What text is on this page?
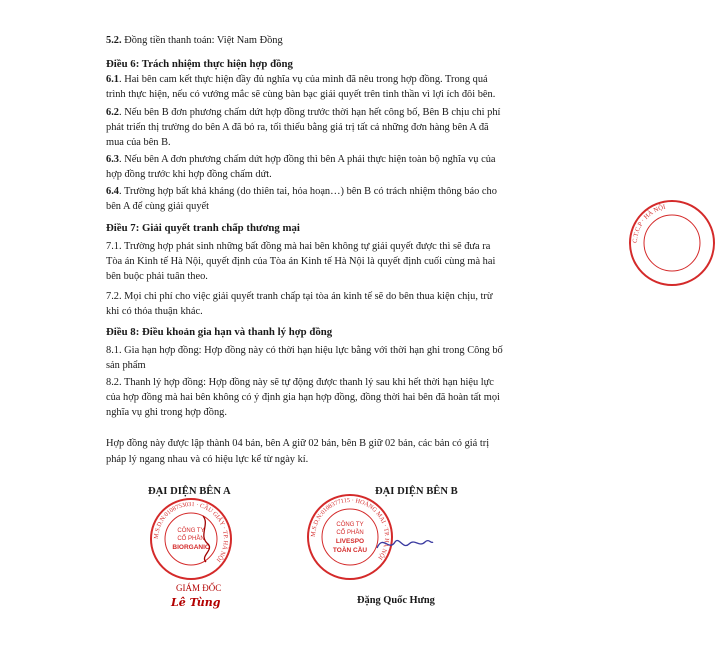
5.2. Đồng tiền thanh toán: Việt Nam Đồng
Điều 6: Trách nhiệm thực hiện hợp đồng
6.1. Hai bên cam kết thực hiện đầy đủ nghĩa vụ của mình đã nêu trong hợp đồng. Trong quá
trình thực hiện, nếu có vướng mắc sẽ cùng bàn bạc giải quyết trên tinh thần vì lợi ích đôi bên.
6.2. Nếu bên B đơn phương chấm dứt hợp đồng trước thời hạn hết công bố, Bên B chịu chi phí
phát triển thị trường do bên A đã bỏ ra, tối thiểu bằng giá trị tất cả những đơn hàng bên A đã
mua của bên B.
6.3. Nếu bên A đơn phương chấm dứt hợp đồng thì bên A phải thực hiện toàn bộ nghĩa vụ của
hợp đồng trước khi hợp đồng chấm dứt.
6.4. Trường hợp bất khả kháng (do thiên tai, hỏa hoạn…) bên B có trách nhiệm thông báo cho
bên A để cùng giải quyết
Điều 7: Giải quyết tranh chấp thương mại
7.1. Trường hợp phát sinh những bất đồng mà hai bên không tự giải quyết được thì sẽ đưa ra
Tòa án Kinh tế Hà Nội, quyết định của Tòa án Kinh tế Hà Nội là quyết định cuối cùng mà hai
bên buộc phải tuân theo.
7.2. Mọi chi phí cho việc giải quyết tranh chấp tại tòa án kinh tế sẽ do bên thua kiện chịu, trừ
khi có thỏa thuận khác.
Điều 8: Điều khoản gia hạn và thanh lý hợp đồng
8.1. Gia hạn hợp đồng: Hợp đồng này có thời hạn hiệu lực bằng với thời hạn ghi trong Công bố
sản phẩm
8.2. Thanh lý hợp đồng: Hợp đồng này sẽ tự động được thanh lý sau khi hết thời hạn hiệu lực
của hợp đồng mà hai bên không có ý định gia hạn hợp đồng, đồng thời hai bên đã hoàn tất mọi
nghĩa vụ ghi trong hợp đồng.
Hợp đồng này được lập thành 04 bản, bên A giữ 02 bản, bên B giữ 02 bản, các bản có giá trị
pháp lý ngang nhau và có hiệu lực kể từ ngày kí.
ĐẠI DIỆN BÊN A
M.S.D.N:0108753031 · CẦU GIẤY · TP. HÀ NỘI
CÔNG TY
CỔ PHẦN
BIORGANIC
GIÁM ĐỐC
Lê Tùng
ĐẠI DIỆN BÊN B
M.S.D.N:0108377115 · HOÀNG MAI · TP. HÀ NỘI
CÔNG TY
CỔ PHẦN
LIVESPO
TOÀN CẦU
Đặng Quốc Hưng
C.T.C.P · HÀ NỘI
